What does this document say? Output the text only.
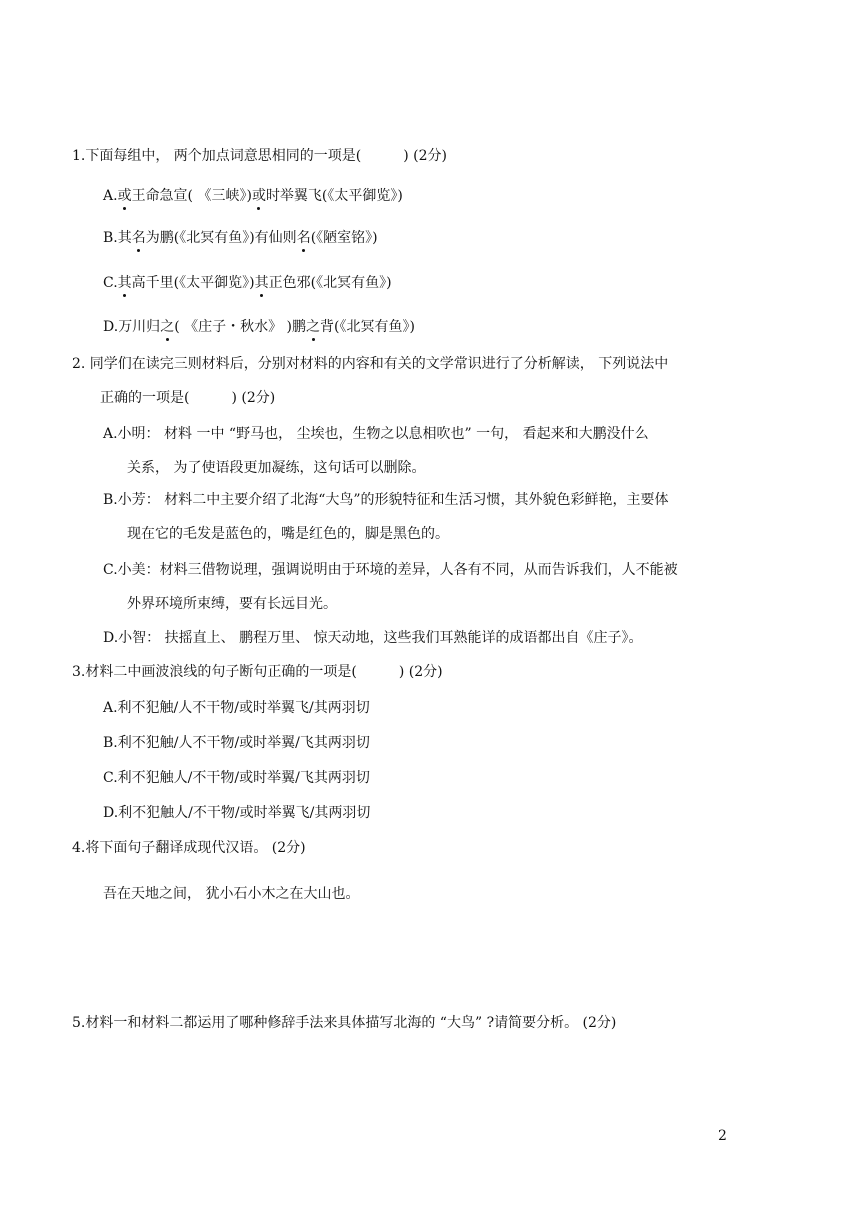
1.下面每组中， 两个加点词意思相同的一项是(　　　) (2分)
A.或王命急宣( 《三峡》)或时举翼飞(《太平御览》)
B.其名为鹏(《北冥有鱼》)有仙则名(《陋室铭》)
C.其高千里(《太平御览》)其正色邪(《北冥有鱼》)
D.万川归之( 《庄子・秋水》 )鹏之背(《北冥有鱼》)
2. 同学们在读完三则材料后，分别对材料的内容和有关的文学常识进行了分析解读， 下列说法中
正确的一项是(　　　) (2分)
A.小明： 材料 一中 “野马也， 尘埃也，生物之以息相吹也” 一句， 看起来和大鹏没什么
关系， 为了使语段更加凝练，这句话可以删除。
B.小芳： 材料二中主要介绍了北海“大鸟”的形貌特征和生活习惯，其外貌色彩鲜艳，主要体
现在它的毛发是蓝色的，嘴是红色的，脚是黑色的。
C.小美：材料三借物说理，强调说明由于环境的差异，人各有不同，从而告诉我们，人不能被
外界环境所束缚，要有长远目光。
D.小智： 扶摇直上、 鹏程万里、 惊天动地，这些我们耳熟能详的成语都出自《庄子》。
3.材料二中画波浪线的句子断句正确的一项是(　　　) (2分)
A.利不犯触/人不干物/或时举翼飞/其两羽切
B.利不犯触/人不干物/或时举翼/飞其两羽切
C.利不犯触人/不干物/或时举翼/飞其两羽切
D.利不犯触人/不干物/或时举翼飞/其两羽切
4.将下面句子翻译成现代汉语。 (2分)
吾在天地之间， 犹小石小木之在大山也。
5.材料一和材料二都运用了哪种修辞手法来具体描写北海的 “大鸟” ?请简要分析。 (2分)
2
